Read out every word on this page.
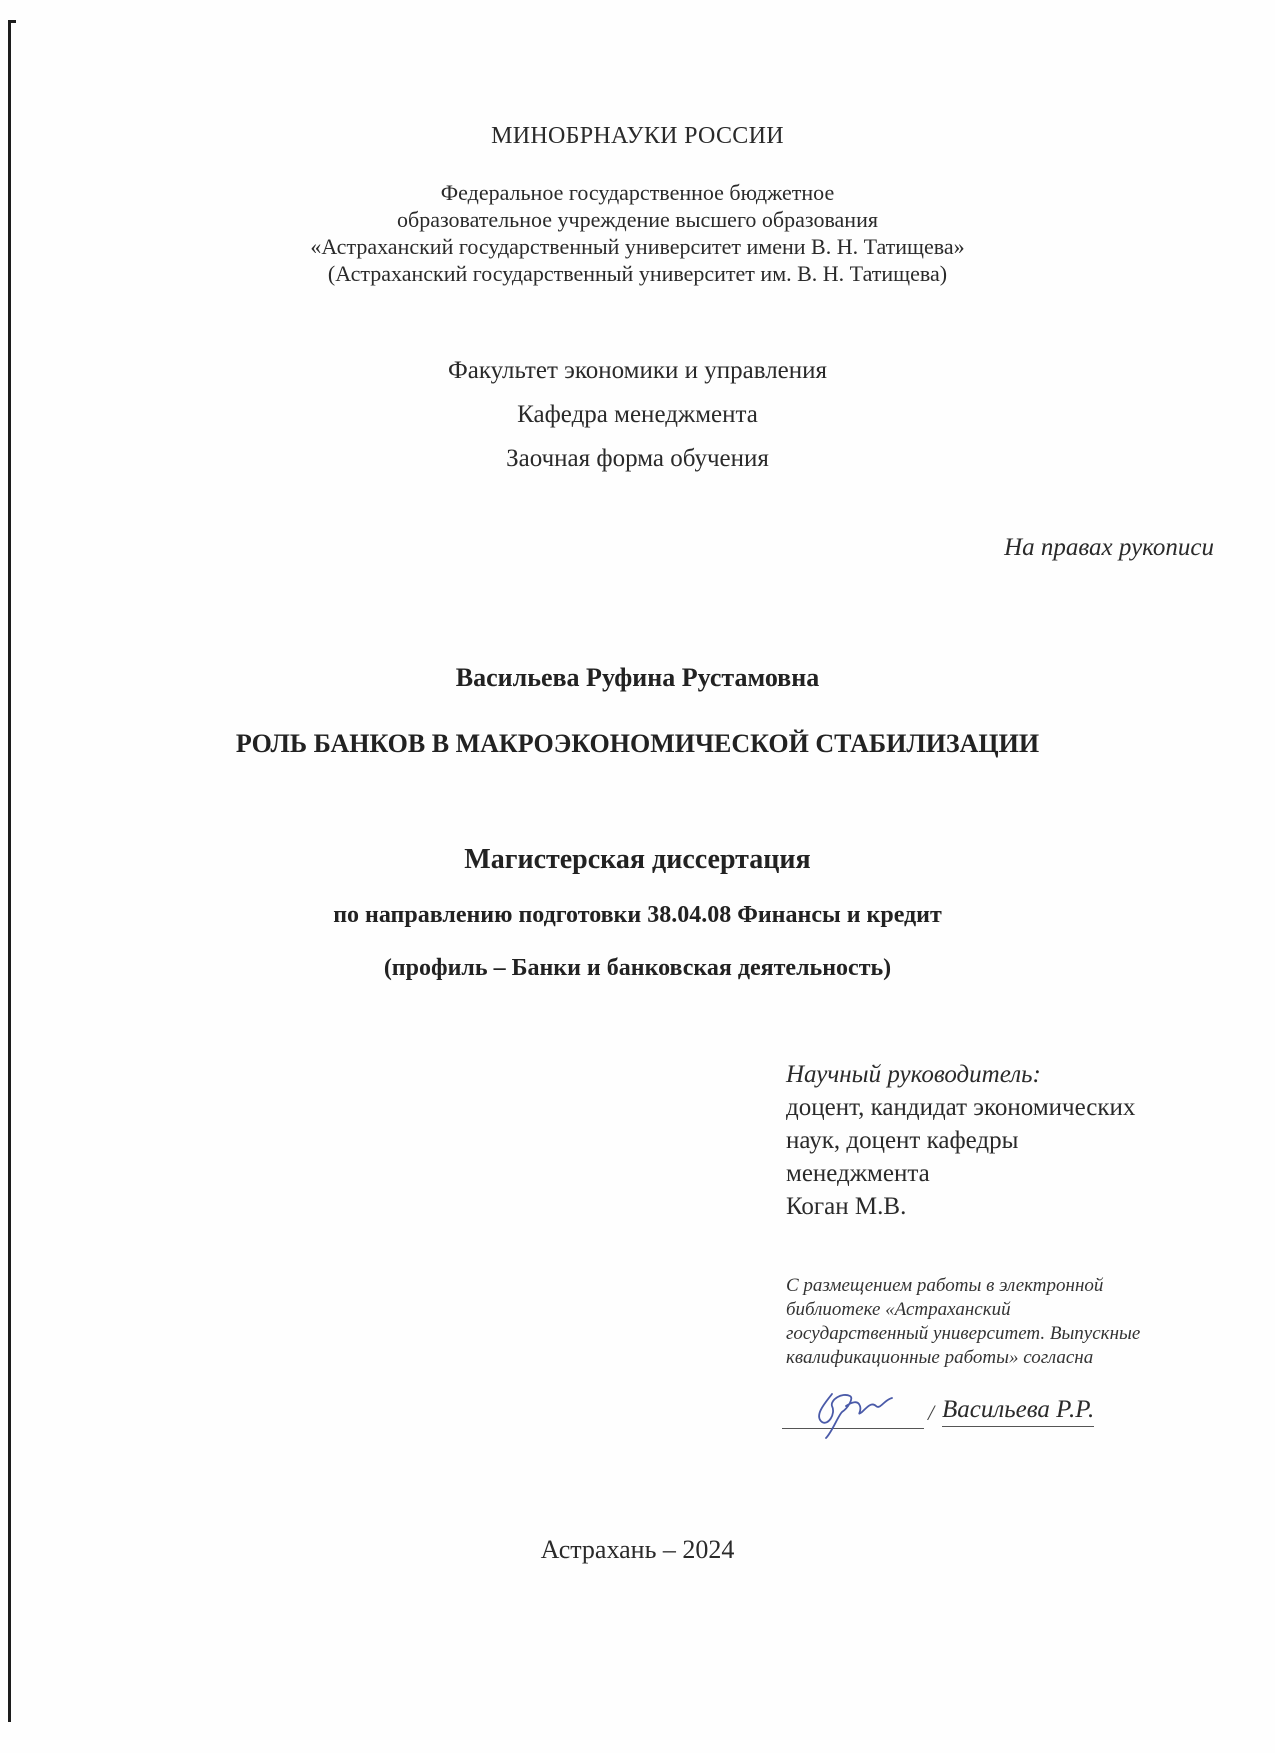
МИНОБРНАУКИ РОССИИ
Федеральное государственное бюджетное
образовательное учреждение высшего образования
«Астраханский государственный университет имени В. Н. Татищева»
(Астраханский государственный университет им. В. Н. Татищева)
Факультет экономики и управления
Кафедра менеджмента
Заочная форма обучения
На правах рукописи
Васильева Руфина Рустамовна
РОЛЬ БАНКОВ В МАКРОЭКОНОМИЧЕСКОЙ СТАБИЛИЗАЦИИ
Магистерская диссертация
по направлению подготовки 38.04.08 Финансы и кредит
(профиль – Банки и банковская деятельность)
Научный руководитель:
доцент, кандидат экономических
наук, доцент кафедры
менеджмента
Коган М.В.
С размещением работы в электронной
библиотеке «Астраханский
государственный университет. Выпускные
квалификационные работы» согласна
/ Васильева Р.Р.
Астрахань – 2024
